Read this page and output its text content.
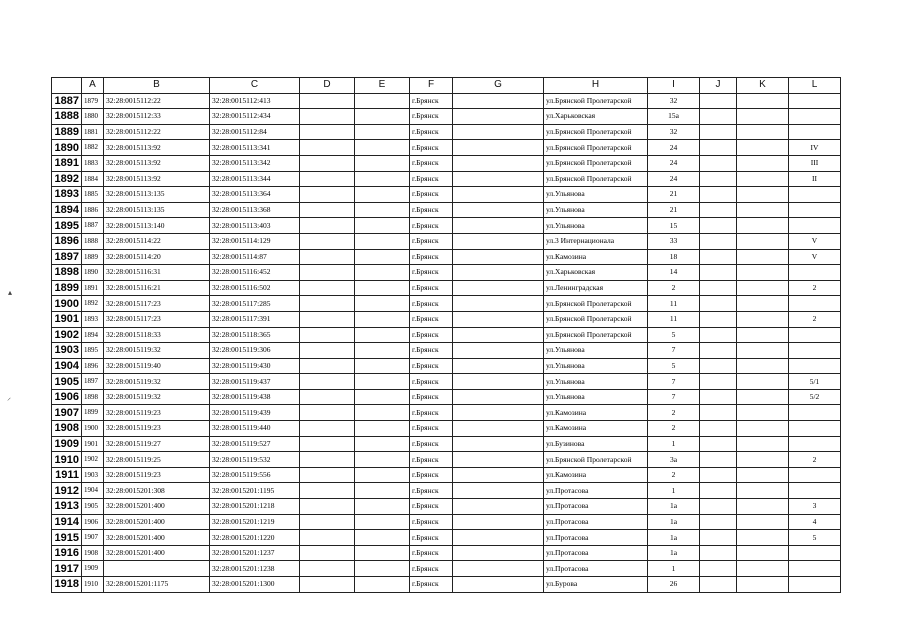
▴
⸝
	A	B	C	D	E	F	G	H	I	J	K	L
1887	1879	32:28:0015112:22	32:28:0015112:413			г.Брянск		ул.Брянской Пролетарской	32			
1888	1880	32:28:0015112:33	32:28:0015112:434			г.Брянск		ул.Харьковская	15а			
1889	1881	32:28:0015112:22	32:28:0015112:84			г.Брянск		ул.Брянской Пролетарской	32			
1890	1882	32:28:0015113:92	32:28:0015113:341			г.Брянск		ул.Брянской Пролетарской	24			IV
1891	1883	32:28:0015113:92	32:28:0015113:342			г.Брянск		ул.Брянской Пролетарской	24			III
1892	1884	32:28:0015113:92	32:28:0015113:344			г.Брянск		ул.Брянской Пролетарской	24			II
1893	1885	32:28:0015113:135	32:28:0015113:364			г.Брянск		ул.Ульянова	21			
1894	1886	32:28:0015113:135	32:28:0015113:368			г.Брянск		ул.Ульянова	21			
1895	1887	32:28:0015113:140	32:28:0015113:403			г.Брянск		ул.Ульянова	15			
1896	1888	32:28:0015114:22	32:28:0015114:129			г.Брянск		ул.3 Интернационала	33			V
1897	1889	32:28:0015114:20	32:28:0015114:87			г.Брянск		ул.Камозина	18			V
1898	1890	32:28:0015116:31	32:28:0015116:452			г.Брянск		ул.Харьковская	14			
1899	1891	32:28:0015116:21	32:28:0015116:502			г.Брянск		ул.Ленинградская	2			2
1900	1892	32:28:0015117:23	32:28:0015117:285			г.Брянск		ул.Брянской Пролетарской	11			
1901	1893	32:28:0015117:23	32:28:0015117:391			г.Брянск		ул.Брянской Пролетарской	11			2
1902	1894	32:28:0015118:33	32:28:0015118:365			г.Брянск		ул.Брянской Пролетарской	5			
1903	1895	32:28:0015119:32	32:28:0015119:306			г.Брянск		ул.Ульянова	7			
1904	1896	32:28:0015119:40	32:28:0015119:430			г.Брянск		ул.Ульянова	5			
1905	1897	32:28:0015119:32	32:28:0015119:437			г.Брянск		ул.Ульянова	7			5/1
1906	1898	32:28:0015119:32	32:28:0015119:438			г.Брянск		ул.Ульянова	7			5/2
1907	1899	32:28:0015119:23	32:28:0015119:439			г.Брянск		ул.Камозина	2			
1908	1900	32:28:0015119:23	32:28:0015119:440			г.Брянск		ул.Камозина	2			
1909	1901	32:28:0015119:27	32:28:0015119:527			г.Брянск		ул.Бузинова	1			
1910	1902	32:28:0015119:25	32:28:0015119:532			г.Брянск		ул.Брянской Пролетарской	3а			2
1911	1903	32:28:0015119:23	32:28:0015119:556			г.Брянск		ул.Камозина	2			
1912	1904	32:28:0015201:308	32:28:0015201:1195			г.Брянск		ул.Протасова	1			
1913	1905	32:28:0015201:400	32:28:0015201:1218			г.Брянск		ул.Протасова	1а			3
1914	1906	32:28:0015201:400	32:28:0015201:1219			г.Брянск		ул.Протасова	1а			4
1915	1907	32:28:0015201:400	32:28:0015201:1220			г.Брянск		ул.Протасова	1а			5
1916	1908	32:28:0015201:400	32:28:0015201:1237			г.Брянск		ул.Протасова	1а			
1917	1909		32:28:0015201:1238			г.Брянск		ул.Протасова	1			
1918	1910	32:28:0015201:1175	32:28:0015201:1300			г.Брянск		ул.Бурова	26			
